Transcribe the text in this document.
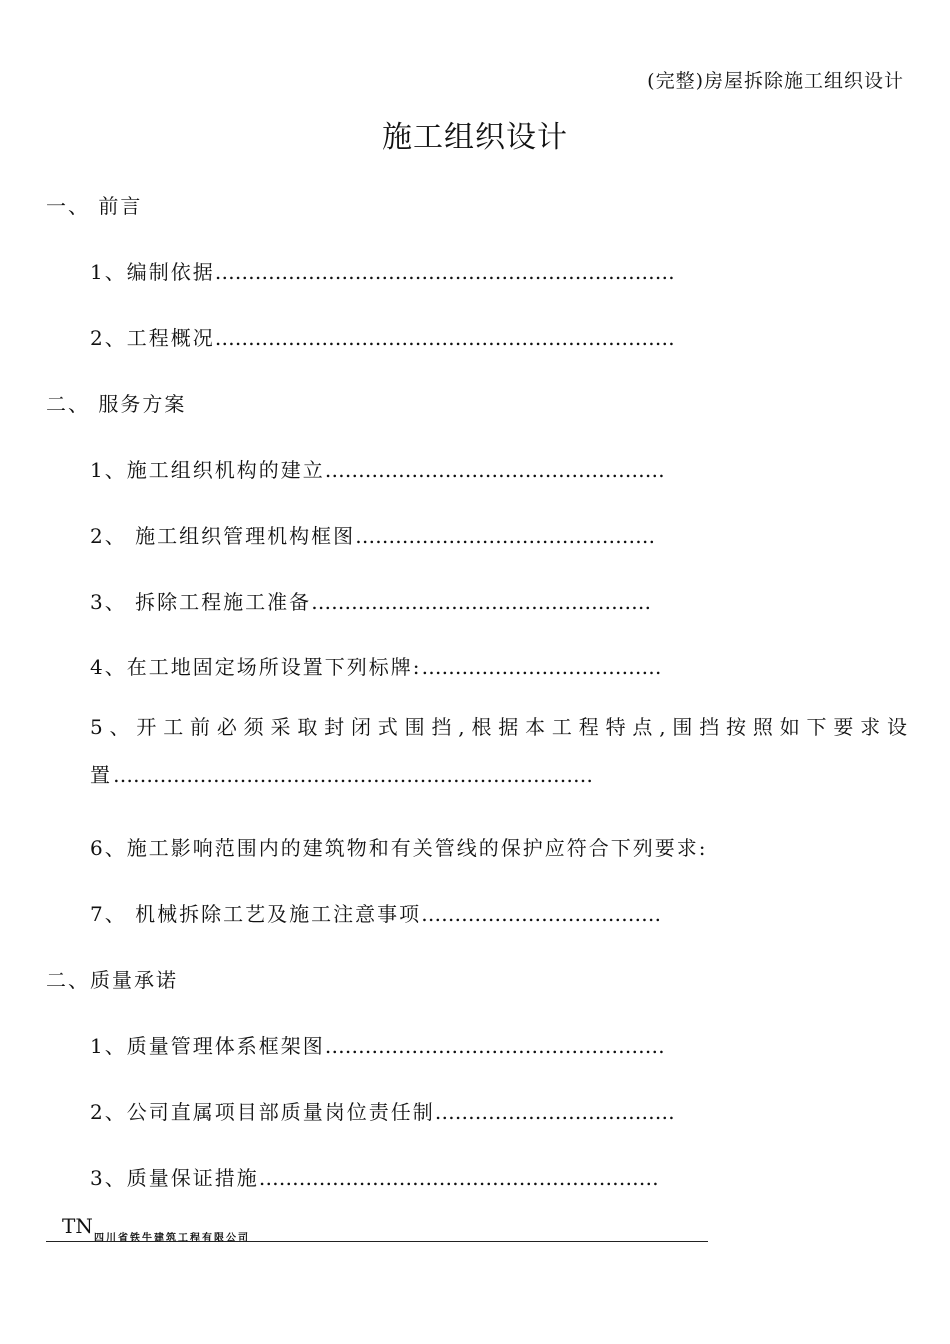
(完整)房屋拆除施工组织设计
施工组织设计
一、 前言
1、编制依据……………………………………………………………
2、工程概况……………………………………………………………
二、 服务方案
1、施工组织机构的建立……………………………………………
2、 施工组织管理机构框图………………………………………
3、 拆除工程施工准备……………………………………………
4、在工地固定场所设置下列标牌:………………………………
5、开工前必须采取封闭式围挡,根据本工程特点,围挡按照如下要求设置………………………………………………………………
6、施工影响范围内的建筑物和有关管线的保护应符合下列要求:
7、 机械拆除工艺及施工注意事项………………………………
二、质量承诺
1、质量管理体系框架图……………………………………………
2、公司直属项目部质量岗位责任制………………………………
3、质量保证措施……………………………………………………
TN
四川省铁牛建筑工程有限公司
